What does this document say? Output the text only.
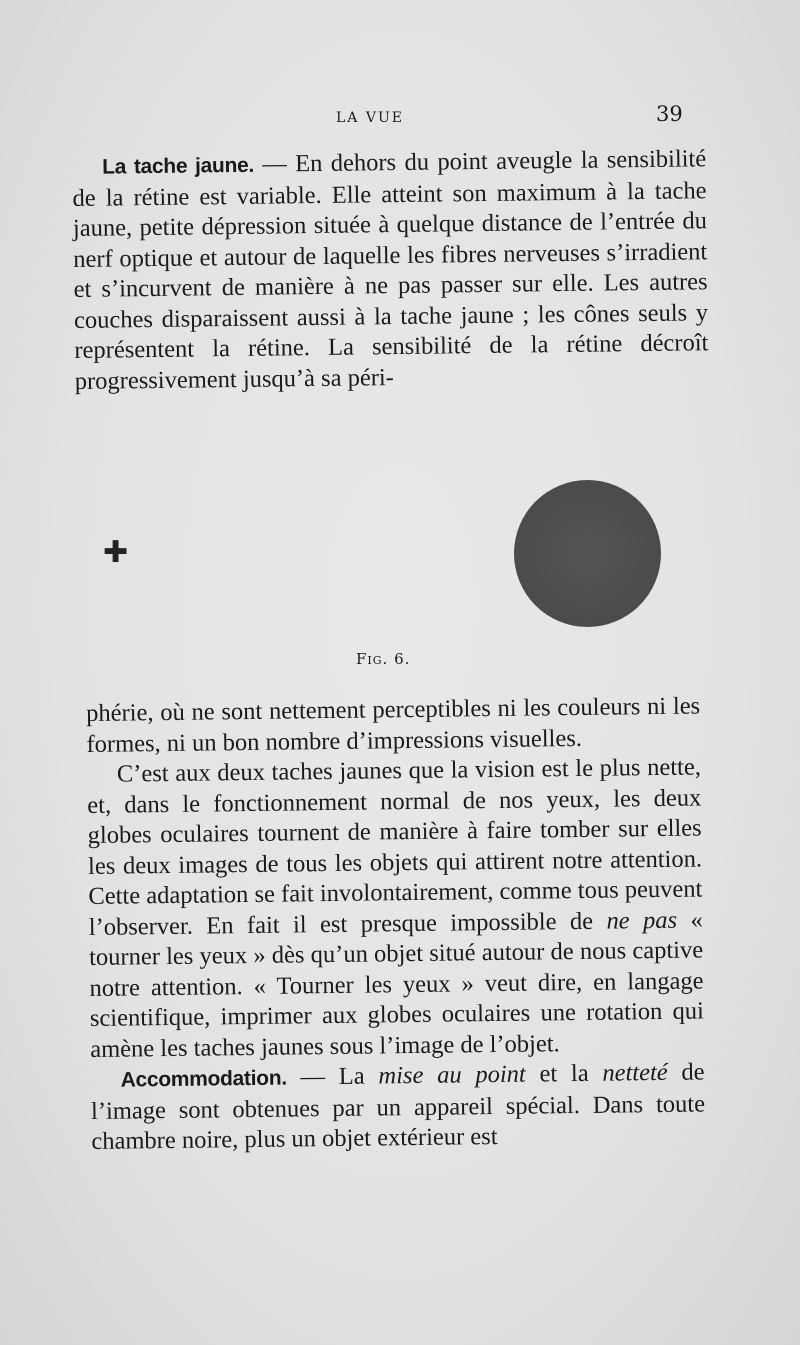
LA VUE	39

La tache jaune. — En dehors du point aveugle la sensibilité de la rétine est variable. Elle atteint son maximum à la tache jaune, petite dépression située à quelque distance de l’entrée du nerf optique et autour de laquelle les fibres nerveuses s’irradient et s’incurvent de manière à ne pas passer sur elle. Les autres couches disparaissent aussi à la tache jaune ; les cônes seuls y représentent la rétine. La sensibilité de la rétine décroît progressivement jusqu’à sa péri-

✚
Fig. 6.

phérie, où ne sont nettement perceptibles ni les couleurs ni les formes, ni un bon nombre d’impressions visuelles.

C’est aux deux taches jaunes que la vision est le plus nette, et, dans le fonctionnement normal de nos yeux, les deux globes oculaires tournent de manière à faire tomber sur elles les deux images de tous les objets qui attirent notre attention. Cette adaptation se fait involontairement, comme tous peuvent l’observer. En fait il est presque impossible de ne pas « tourner les yeux » dès qu’un objet situé autour de nous captive notre attention. « Tourner les yeux » veut dire, en langage scientifique, imprimer aux globes oculaires une rotation qui amène les taches jaunes sous l’image de l’objet.

Accommodation. — La mise au point et la netteté de l’image sont obtenues par un appareil spécial. Dans toute chambre noire, plus un objet extérieur est
